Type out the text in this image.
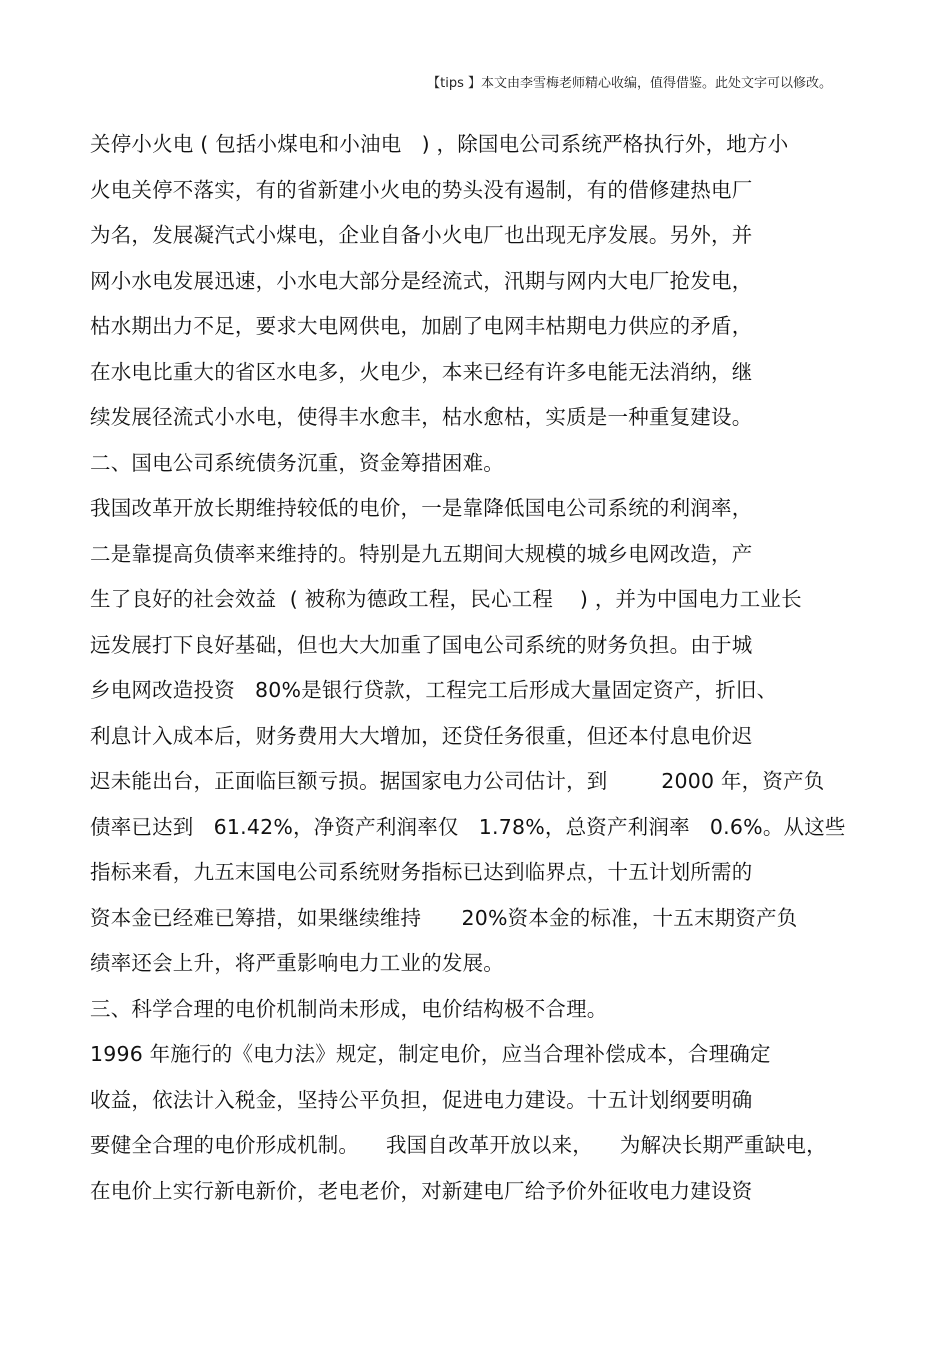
【tips 】本文由李雪梅老师精心收编，值得借鉴。此处文字可以修改。
关停小火电 ( 包括小煤电和小油电   ) ，除国电公司系统严格执行外，地方小
火电关停不落实，有的省新建小火电的势头没有遏制，有的借修建热电厂
为名，发展凝汽式小煤电，企业自备小火电厂也出现无序发展。另外，并
网小水电发展迅速，小水电大部分是经流式，汛期与网内大电厂抢发电，
枯水期出力不足，要求大电网供电，加剧了电网丰枯期电力供应的矛盾，
在水电比重大的省区水电多，火电少，本来已经有许多电能无法消纳，继
续发展径流式小水电，使得丰水愈丰，枯水愈枯，实质是一种重复建设。
二、国电公司系统债务沉重，资金筹措困难。
我国改革开放长期维持较低的电价，一是靠降低国电公司系统的利润率，
二是靠提高负债率来维持的。特别是九五期间大规模的城乡电网改造，产
生了良好的社会效益  ( 被称为德政工程，民心工程    ) ，并为中国电力工业长
远发展打下良好基础，但也大大加重了国电公司系统的财务负担。由于城
乡电网改造投资   80%是银行贷款，工程完工后形成大量固定资产，折旧、
利息计入成本后，财务费用大大增加，还贷任务很重，但还本付息电价迟
迟未能出台，正面临巨额亏损。据国家电力公司估计，到        2000 年，资产负
债率已达到   61.42%，净资产利润率仅   1.78%，总资产利润率   0.6%。从这些
指标来看，九五末国电公司系统财务指标已达到临界点，十五计划所需的
资本金已经难已筹措，如果继续维持      20%资本金的标准，十五末期资产负
绩率还会上升，将严重影响电力工业的发展。
三、科学合理的电价机制尚未形成，电价结构极不合理。
1996 年施行的《电力法》规定，制定电价，应当合理补偿成本，合理确定
收益，依法计入税金，坚持公平负担，促进电力建设。十五计划纲要明确
要健全合理的电价形成机制。    我国自改革开放以来，    为解决长期严重缺电，
在电价上实行新电新价，老电老价，对新建电厂给予价外征收电力建设资
